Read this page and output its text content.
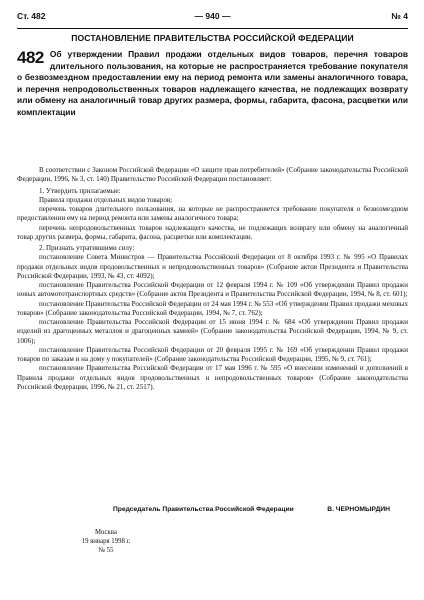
Ст. 482	— 940 —	№ 4
ПОСТАНОВЛЕНИЕ ПРАВИТЕЛЬСТВА РОССИЙСКОЙ ФЕДЕРАЦИИ
482 Об утверждении Правил продажи отдельных видов товаров, перечня товаров длительного пользования, на которые не распространяется требование покупателя о безвозмездном предоставлении ему на период ремонта или замены аналогичного товара, и перечня непродовольственных товаров надлежащего качества, не подлежащих возврату или обмену на аналогичный товар других размера, формы, габарита, фасона, расцветки или комплектации

В соответствии с Законом Российской Федерации «О защите прав потребителей» (Собрание законодательства Российской Федерации, 1996, № 3, ст. 140) Правительство Российской Федерации постановляет:

1. Утвердить прилагаемые:

Правила продажи отдельных видов товаров;

перечень товаров длительного пользования, на которые не распространяется требование покупателя о безвозмездном предоставлении ему на период ремонта или замены аналогичного товара;

перечень непродовольственных товаров надлежащего качества, не подлежащих возврату или обмену на аналогичный товар других размера, формы, габарита, фасона, расцветки или комплектации.

2. Признать утратившими силу:

постановление Совета Министров — Правительства Российской Федерации от 8 октября 1993 г. № 995 «О Правилах продажи отдельных видов продовольственных и непродовольственных товаров» (Собрание актов Президента и Правительства Российской Федерации, 1993, № 43, ст. 4092);

постановление Правительства Российской Федерации от 12 февраля 1994 г. № 109 «Об утверждении Правил продажи новых автомототранспортных средств» (Собрание актов Президента и Правительства Российской Федерации, 1994, № 8, ст. 601);

постановление Правительства Российской Федерации от 24 мая 1994 г. № 553 «Об утверждении Правил продажи меховых товаров» (Собрание законодательства Российской Федерации, 1994, № 7, ст. 762);

постановление Правительства Российской Федерации от 15 июня 1994 г. № 684 «Об утверждении Правил продажи изделий из драгоценных металлов и драгоценных камней» (Собрание законодательства Российской Федерации, 1994, № 9, ст. 1006);

постановление Правительства Российской Федерации от 20 февраля 1995 г. № 169 «Об утверждении Правил продажи товаров по заказам и на дому у покупателей» (Собрание законодательства Российской Федерации, 1995, № 9, ст. 761);

постановление Правительства Российской Федерации от 17 мая 1996 г. № 595 «О внесении изменений и дополнений в Правила продажи отдельных видов продовольственных и непродовольственных товаров» (Собрание законодательства Российской Федерации, 1996, № 21, ст. 2517).

Председатель Правительства Российской Федерации	В. ЧЕРНОМЫРДИН
Москва
19 января 1998 г.
№ 55
